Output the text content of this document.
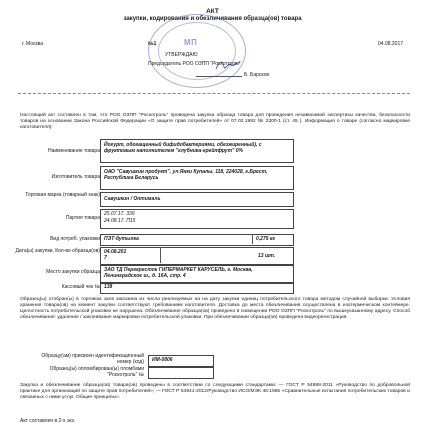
АКТ
закупки, кодирования и обезличивания образца(ов) товара
г. Москва	№1	04.08.2017
МП
УТВЕРЖДАЮ
Председатель РОО ОЗПП "Роскотроль"
Б. Барсков
Настоящий акт составлен в том, что РОО ОЗПП "Роскотроль" проведена закупка образца товара для проведения независимой экспертизы качества, безопасности товаров на основании Закона Российской Федерации «О защите прав потребителей» от 07.02.1992 № 2300-1 (ст. 45 ). Информация о товаре (согласно маркировке изготовителя):
Наименование товара
Йогурт, обогащенный бифидобактериями, обезжиренный), с фруктовым наполнителем "клубника-грейпфрут" 0%
Изготовитель товара
ОАО "Савушкин продукт", ул.Янки Купалы, 118, 224028, г.Брест, Республика Беларусь
Торговая марка (товарный знак)
Савушкин / Оптималь
Партия товара
25.07.17. 339
24.08.17. П15
Вид потреб. упаковки ПЭТ-бутылка	0,275 кг
Дата(ы) закупки, Кол-во образца(ов) 04.08.201
7	13 шт.
Место закупки образца ЗАО ТД Перекресток ГИПЕРМАРКЕТ КАРУСЕЛЬ, г. Москва, Ленинградское ш., д. 16А, стр. 4
Кассовый чек № 138
Образец(ы) отобран(ы) в торговом зале магазина из числа реализуемых на на дату закупки единиц потребительского товара методом случайной выборки. Условия хранения товара(ов) на момент закупки соответствуют требованиям изготовителя. Доставка до места обезличивания осуществлена в изотермическом контейнере. Целостность потребительской упаковки не нарушена. Обезличивание образца(ов) проведено в помещении РОО ОЗПП "Роскотроль" по вышеуказанному адресу. Способ обезличивания: удаление / заклеивание маркировки потребительской упаковки. При обезличивании образца(ов) проведена видеорегистрация.
Образцу(ам) присвоен идентификационный номер (код) ИМ-0806
Образец(ы) опломбирован(ы) пломбами "Роскотроль" №
Закупка и обезличивание образца(ов) товара(ов) проведены в соответствии со следующими стандартами: — ГОСТ Р 54888-2011 «Руководство по добровольной практике для организаций по защите прав потребителей»; — ГОСТ Р 54941-2012/Руководство ИСО/МЭК 46:1985 «Сравнительные испытания потребительских товаров и связанных с ними услуг. Общие принципы».
Акт составлен в 2-х экз.
